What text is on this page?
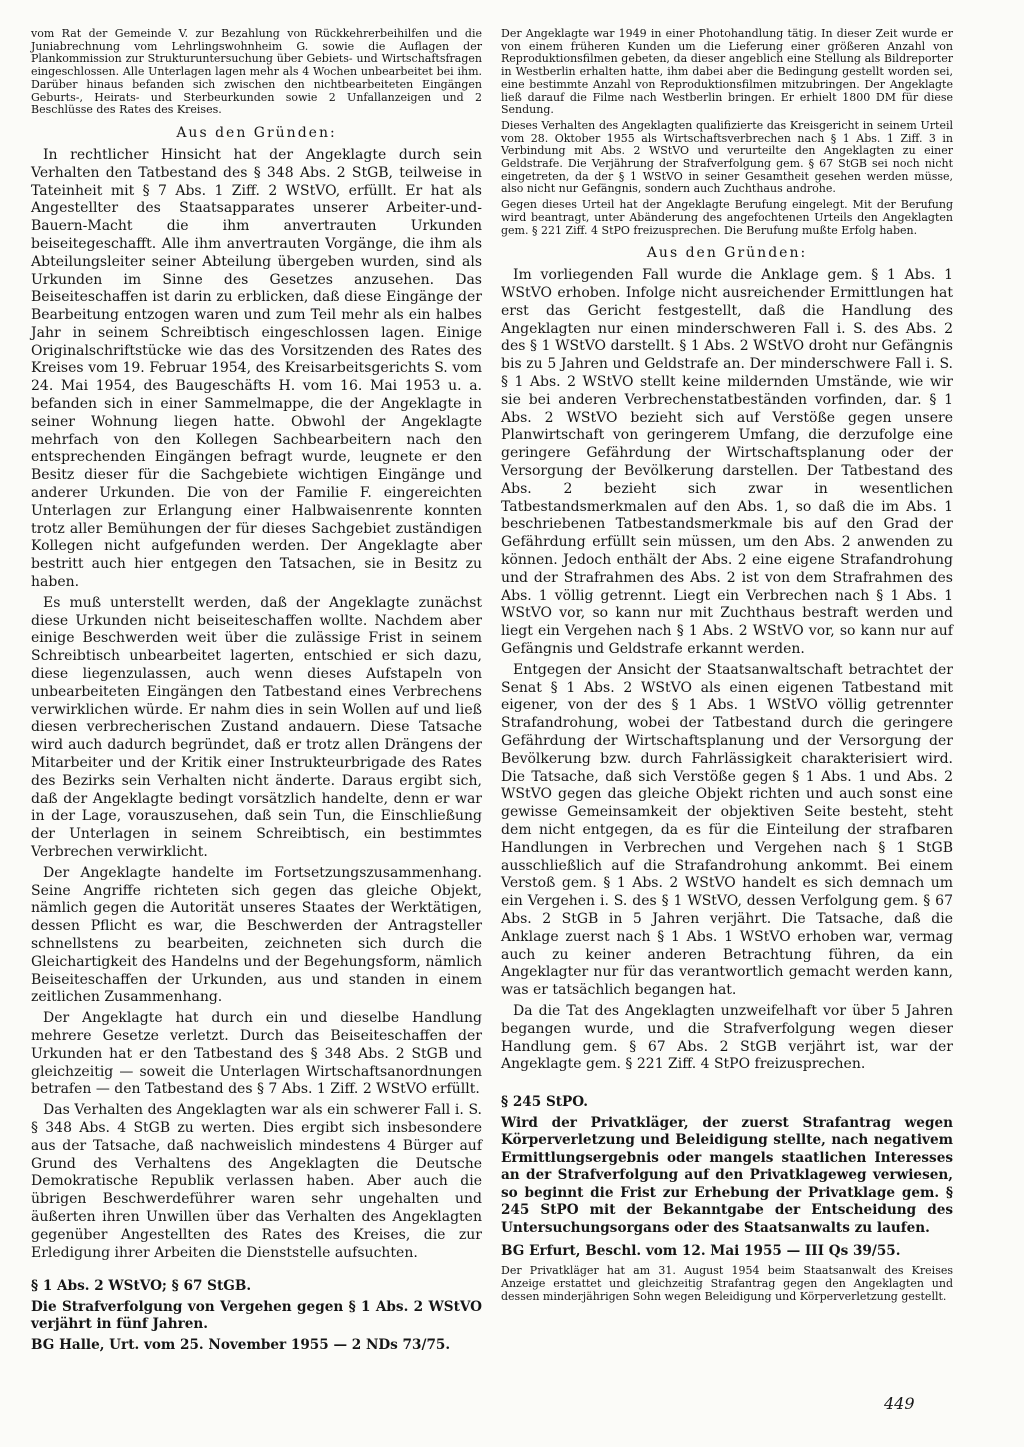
vom Rat der Gemeinde V. zur Bezahlung von Rückkehrerbeihilfen und die Juniabrechnung vom Lehrlingswohnheim G. sowie die Auflagen der Plankommission zur Strukturuntersuchung über Gebiets- und Wirtschaftsfragen eingeschlossen. Alle Unterlagen lagen mehr als 4 Wochen unbearbeitet bei ihm. Darüber hinaus befanden sich zwischen den nichtbearbeiteten Eingängen Geburts-, Heirats- und Sterbeurkunden sowie 2 Unfallanzeigen und 2 Beschlüsse des Rates des Kreises.

Aus den Gründen:

In rechtlicher Hinsicht hat der Angeklagte durch sein Verhalten den Tatbestand des § 348 Abs. 2 StGB, teilweise in Tateinheit mit § 7 Abs. 1 Ziff. 2 WStVO, erfüllt. Er hat als Angestellter des Staatsapparates unserer Arbeiter-und-Bauern-Macht die ihm anvertrauten Urkunden beiseitegeschafft. Alle ihm anvertrauten Vorgänge, die ihm als Abteilungsleiter seiner Abteilung übergeben wurden, sind als Urkunden im Sinne des Gesetzes anzusehen. Das Beiseiteschaffen ist darin zu erblicken, daß diese Eingänge der Bearbeitung entzogen waren und zum Teil mehr als ein halbes Jahr in seinem Schreibtisch eingeschlossen lagen. Einige Originalschriftstücke wie das des Vorsitzenden des Rates des Kreises vom 19. Februar 1954, des Kreisarbeitsgerichts S. vom 24. Mai 1954, des Baugeschäfts H. vom 16. Mai 1953 u. a. befanden sich in einer Sammelmappe, die der Angeklagte in seiner Wohnung liegen hatte. Obwohl der Angeklagte mehrfach von den Kollegen Sachbearbeitern nach den entsprechenden Eingängen befragt wurde, leugnete er den Besitz dieser für die Sachgebiete wichtigen Eingänge und anderer Urkunden. Die von der Familie F. eingereichten Unterlagen zur Erlangung einer Halbwaisenrente konnten trotz aller Bemühungen der für dieses Sachgebiet zuständigen Kollegen nicht aufgefunden werden. Der Angeklagte aber bestritt auch hier entgegen den Tatsachen, sie in Besitz zu haben.

Es muß unterstellt werden, daß der Angeklagte zunächst diese Urkunden nicht beiseiteschaffen wollte. Nachdem aber einige Beschwerden weit über die zulässige Frist in seinem Schreibtisch unbearbeitet lagerten, entschied er sich dazu, diese liegenzulassen, auch wenn dieses Aufstapeln von unbearbeiteten Eingängen den Tatbestand eines Verbrechens verwirklichen würde. Er nahm dies in sein Wollen auf und ließ diesen verbrecherischen Zustand andauern. Diese Tatsache wird auch dadurch begründet, daß er trotz allen Drängens der Mitarbeiter und der Kritik einer Instrukteurbrigade des Rates des Bezirks sein Verhalten nicht änderte. Daraus ergibt sich, daß der Angeklagte bedingt vorsätzlich handelte, denn er war in der Lage, vorauszusehen, daß sein Tun, die Einschließung der Unterlagen in seinem Schreibtisch, ein bestimmtes Verbrechen verwirklicht.

Der Angeklagte handelte im Fortsetzungszusammenhang. Seine Angriffe richteten sich gegen das gleiche Objekt, nämlich gegen die Autorität unseres Staates der Werktätigen, dessen Pflicht es war, die Beschwerden der Antragsteller schnellstens zu bearbeiten, zeichneten sich durch die Gleichartigkeit des Handelns und der Begehungsform, nämlich Beiseiteschaffen der Urkunden, aus und standen in einem zeitlichen Zusammenhang.

Der Angeklagte hat durch ein und dieselbe Handlung mehrere Gesetze verletzt. Durch das Beiseiteschaffen der Urkunden hat er den Tatbestand des § 348 Abs. 2 StGB und gleichzeitig — soweit die Unterlagen Wirtschaftsanordnungen betrafen — den Tatbestand des § 7 Abs. 1 Ziff. 2 WStVO erfüllt.

Das Verhalten des Angeklagten war als ein schwerer Fall i. S. § 348 Abs. 4 StGB zu werten. Dies ergibt sich insbesondere aus der Tatsache, daß nachweislich mindestens 4 Bürger auf Grund des Verhaltens des Angeklagten die Deutsche Demokratische Republik verlassen haben. Aber auch die übrigen Beschwerdeführer waren sehr ungehalten und äußerten ihren Unwillen über das Verhalten des Angeklagten gegenüber Angestellten des Rates des Kreises, die zur Erledigung ihrer Arbeiten die Dienststelle aufsuchten.

§ 1 Abs. 2 WStVO; § 67 StGB.

Die Strafverfolgung von Vergehen gegen § 1 Abs. 2 WStVO verjährt in fünf Jahren.

BG Halle, Urt. vom 25. November 1955 — 2 NDs 73/75.

Der Angeklagte war 1949 in einer Photohandlung tätig. In dieser Zeit wurde er von einem früheren Kunden um die Lieferung einer größeren Anzahl von Reproduktionsfilmen gebeten, da dieser angeblich eine Stellung als Bildreporter in Westberlin erhalten hatte, ihm dabei aber die Bedingung gestellt worden sei, eine bestimmte Anzahl von Reproduktionsfilmen mitzubringen. Der Angeklagte ließ darauf die Filme nach Westberlin bringen. Er erhielt 1800 DM für diese Sendung.

Dieses Verhalten des Angeklagten qualifizierte das Kreisgericht in seinem Urteil vom 28. Oktober 1955 als Wirtschaftsverbrechen nach § 1 Abs. 1 Ziff. 3 in Verbindung mit Abs. 2 WStVO und verurteilte den Angeklagten zu einer Geldstrafe. Die Verjährung der Strafverfolgung gem. § 67 StGB sei noch nicht eingetreten, da der § 1 WStVO in seiner Gesamtheit gesehen werden müsse, also nicht nur Gefängnis, sondern auch Zuchthaus androhe.

Gegen dieses Urteil hat der Angeklagte Berufung eingelegt. Mit der Berufung wird beantragt, unter Abänderung des angefochtenen Urteils den Angeklagten gem. § 221 Ziff. 4 StPO freizusprechen. Die Berufung mußte Erfolg haben.

Aus den Gründen:

Im vorliegenden Fall wurde die Anklage gem. § 1 Abs. 1 WStVO erhoben. Infolge nicht ausreichender Ermittlungen hat erst das Gericht festgestellt, daß die Handlung des Angeklagten nur einen minderschweren Fall i. S. des Abs. 2 des § 1 WStVO darstellt. § 1 Abs. 2 WStVO droht nur Gefängnis bis zu 5 Jahren und Geldstrafe an. Der minderschwere Fall i. S. § 1 Abs. 2 WStVO stellt keine mildernden Umstände, wie wir sie bei anderen Verbrechenstatbeständen vorfinden, dar. § 1 Abs. 2 WStVO bezieht sich auf Verstöße gegen unsere Planwirtschaft von geringerem Umfang, die derzufolge eine geringere Gefährdung der Wirtschaftsplanung oder der Versorgung der Bevölkerung darstellen. Der Tatbestand des Abs. 2 bezieht sich zwar in wesentlichen Tatbestandsmerkmalen auf den Abs. 1, so daß die im Abs. 1 beschriebenen Tatbestandsmerkmale bis auf den Grad der Gefährdung erfüllt sein müssen, um den Abs. 2 anwenden zu können. Jedoch enthält der Abs. 2 eine eigene Strafandrohung und der Strafrahmen des Abs. 2 ist von dem Strafrahmen des Abs. 1 völlig getrennt. Liegt ein Verbrechen nach § 1 Abs. 1 WStVO vor, so kann nur mit Zuchthaus bestraft werden und liegt ein Vergehen nach § 1 Abs. 2 WStVO vor, so kann nur auf Gefängnis und Geldstrafe erkannt werden.

Entgegen der Ansicht der Staatsanwaltschaft betrachtet der Senat § 1 Abs. 2 WStVO als einen eigenen Tatbestand mit eigener, von der des § 1 Abs. 1 WStVO völlig getrennter Strafandrohung, wobei der Tatbestand durch die geringere Gefährdung der Wirtschaftsplanung und der Versorgung der Bevölkerung bzw. durch Fahrlässigkeit charakterisiert wird. Die Tatsache, daß sich Verstöße gegen § 1 Abs. 1 und Abs. 2 WStVO gegen das gleiche Objekt richten und auch sonst eine gewisse Gemeinsamkeit der objektiven Seite besteht, steht dem nicht entgegen, da es für die Einteilung der strafbaren Handlungen in Verbrechen und Vergehen nach § 1 StGB ausschließlich auf die Strafandrohung ankommt. Bei einem Verstoß gem. § 1 Abs. 2 WStVO handelt es sich demnach um ein Vergehen i. S. des § 1 WStVO, dessen Verfolgung gem. § 67 Abs. 2 StGB in 5 Jahren verjährt. Die Tatsache, daß die Anklage zuerst nach § 1 Abs. 1 WStVO erhoben war, vermag auch zu keiner anderen Betrachtung führen, da ein Angeklagter nur für das verantwortlich gemacht werden kann, was er tatsächlich begangen hat.

Da die Tat des Angeklagten unzweifelhaft vor über 5 Jahren begangen wurde, und die Strafverfolgung wegen dieser Handlung gem. § 67 Abs. 2 StGB verjährt ist, war der Angeklagte gem. § 221 Ziff. 4 StPO freizusprechen.

§ 245 StPO.

Wird der Privatkläger, der zuerst Strafantrag wegen Körperverletzung und Beleidigung stellte, nach negativem Ermittlungsergebnis oder mangels staatlichen Interesses an der Strafverfolgung auf den Privatklageweg verwiesen, so beginnt die Frist zur Erhebung der Privatklage gem. § 245 StPO mit der Bekanntgabe der Entscheidung des Untersuchungsorgans oder des Staatsanwalts zu laufen.

BG Erfurt, Beschl. vom 12. Mai 1955 — III Qs 39/55.

Der Privatkläger hat am 31. August 1954 beim Staatsanwalt des Kreises Anzeige erstattet und gleichzeitig Strafantrag gegen den Angeklagten und dessen minderjährigen Sohn wegen Beleidigung und Körperverletzung gestellt.

449
